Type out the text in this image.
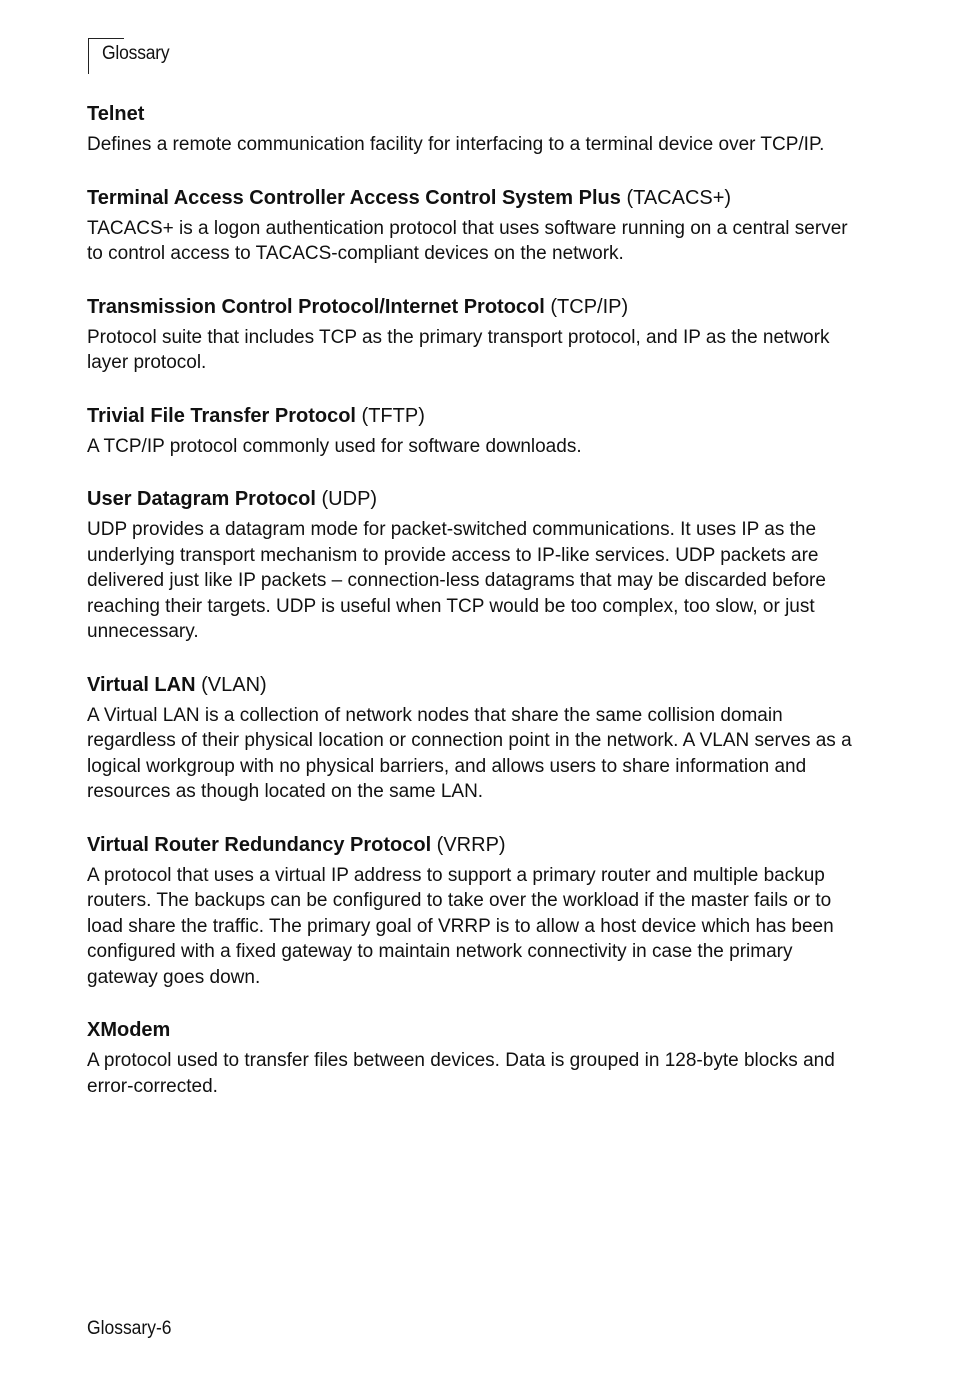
Glossary
Telnet

Defines a remote communication facility for interfacing to a terminal device over TCP/IP.

Terminal Access Controller Access Control System Plus (TACACS+)

TACACS+ is a logon authentication protocol that uses software running on a central server to control access to TACACS-compliant devices on the network.

Transmission Control Protocol/Internet Protocol (TCP/IP)

Protocol suite that includes TCP as the primary transport protocol, and IP as the network layer protocol.

Trivial File Transfer Protocol (TFTP)

A TCP/IP protocol commonly used for software downloads.

User Datagram Protocol (UDP)

UDP provides a datagram mode for packet-switched communications. It uses IP as the underlying transport mechanism to provide access to IP-like services. UDP packets are delivered just like IP packets – connection-less datagrams that may be discarded before reaching their targets. UDP is useful when TCP would be too complex, too slow, or just unnecessary.

Virtual LAN (VLAN)

A Virtual LAN is a collection of network nodes that share the same collision domain regardless of their physical location or connection point in the network. A VLAN serves as a logical workgroup with no physical barriers, and allows users to share information and resources as though located on the same LAN.

Virtual Router Redundancy Protocol (VRRP)

A protocol that uses a virtual IP address to support a primary router and multiple backup routers. The backups can be configured to take over the workload if the master fails or to load share the traffic. The primary goal of VRRP is to allow a host device which has been configured with a fixed gateway to maintain network connectivity in case the primary gateway goes down.

XModem

A protocol used to transfer files between devices. Data is grouped in 128-byte blocks and error-corrected.

Glossary-6
